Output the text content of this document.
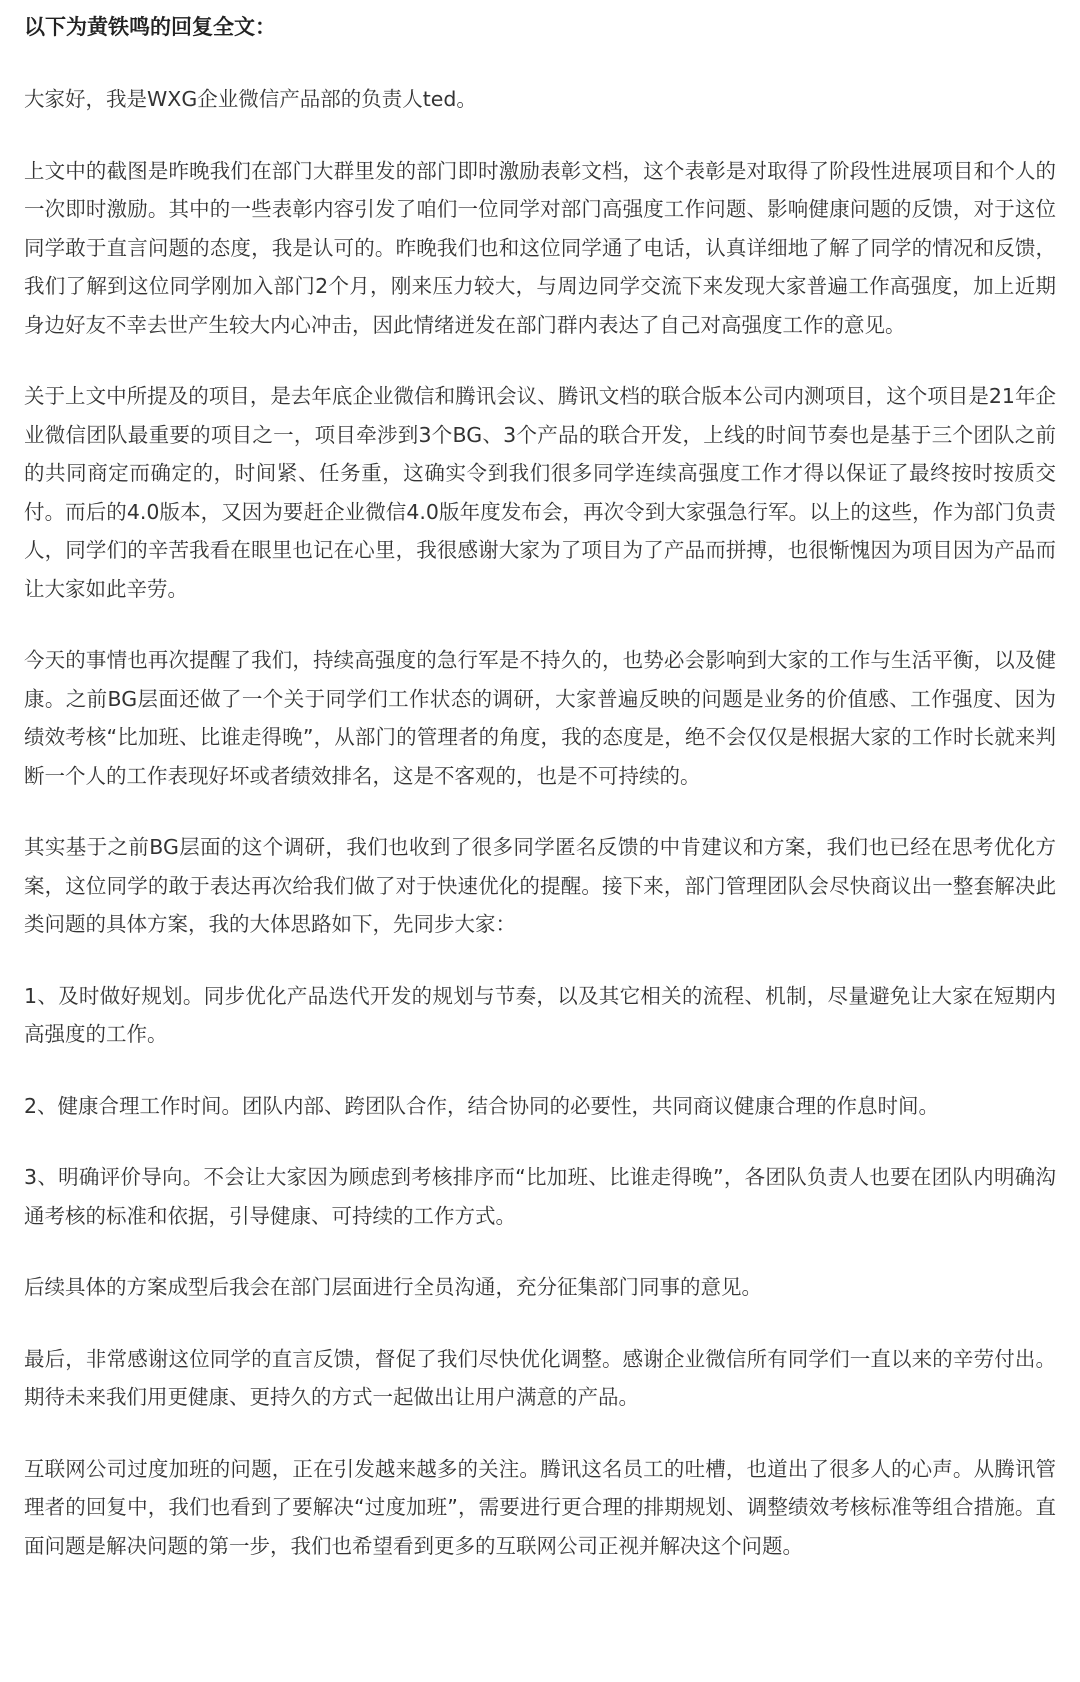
以下为黄铁鸣的回复全文：

大家好，我是WXG企业微信产品部的负责人ted。

上文中的截图是昨晚我们在部门大群里发的部门即时激励表彰文档，这个表彰是对取得了阶段性进展项目和个人的一次即时激励。其中的一些表彰内容引发了咱们一位同学对部门高强度工作问题、影响健康问题的反馈，对于这位同学敢于直言问题的态度，我是认可的。昨晚我们也和这位同学通了电话，认真详细地了解了同学的情况和反馈，我们了解到这位同学刚加入部门2个月，刚来压力较大，与周边同学交流下来发现大家普遍工作高强度，加上近期身边好友不幸去世产生较大内心冲击，因此情绪迸发在部门群内表达了自己对高强度工作的意见。

关于上文中所提及的项目，是去年底企业微信和腾讯会议、腾讯文档的联合版本公司内测项目，这个项目是21年企业微信团队最重要的项目之一，项目牵涉到3个BG、3个产品的联合开发，上线的时间节奏也是基于三个团队之前的共同商定而确定的，时间紧、任务重，这确实令到我们很多同学连续高强度工作才得以保证了最终按时按质交付。而后的4.0版本，又因为要赶企业微信4.0版年度发布会，再次令到大家强急行军。以上的这些，作为部门负责人，同学们的辛苦我看在眼里也记在心里，我很感谢大家为了项目为了产品而拼搏，也很惭愧因为项目因为产品而让大家如此辛劳。

今天的事情也再次提醒了我们，持续高强度的急行军是不持久的，也势必会影响到大家的工作与生活平衡，以及健康。之前BG层面还做了一个关于同学们工作状态的调研，大家普遍反映的问题是业务的价值感、工作强度、因为绩效考核“比加班、比谁走得晚”，从部门的管理者的角度，我的态度是，绝不会仅仅是根据大家的工作时长就来判断一个人的工作表现好坏或者绩效排名，这是不客观的，也是不可持续的。

其实基于之前BG层面的这个调研，我们也收到了很多同学匿名反馈的中肯建议和方案，我们也已经在思考优化方案，这位同学的敢于表达再次给我们做了对于快速优化的提醒。接下来，部门管理团队会尽快商议出一整套解决此类问题的具体方案，我的大体思路如下，先同步大家：

1、及时做好规划。同步优化产品迭代开发的规划与节奏，以及其它相关的流程、机制，尽量避免让大家在短期内高强度的工作。

2、健康合理工作时间。团队内部、跨团队合作，结合协同的必要性，共同商议健康合理的作息时间。

3、明确评价导向。不会让大家因为顾虑到考核排序而“比加班、比谁走得晚”，各团队负责人也要在团队内明确沟通考核的标准和依据，引导健康、可持续的工作方式。

后续具体的方案成型后我会在部门层面进行全员沟通，充分征集部门同事的意见。

最后，非常感谢这位同学的直言反馈，督促了我们尽快优化调整。感谢企业微信所有同学们一直以来的辛劳付出。期待未来我们用更健康、更持久的方式一起做出让用户满意的产品。

互联网公司过度加班的问题，正在引发越来越多的关注。腾讯这名员工的吐槽，也道出了很多人的心声。从腾讯管理者的回复中，我们也看到了要解决“过度加班”，需要进行更合理的排期规划、调整绩效考核标准等组合措施。直面问题是解决问题的第一步，我们也希望看到更多的互联网公司正视并解决这个问题。
